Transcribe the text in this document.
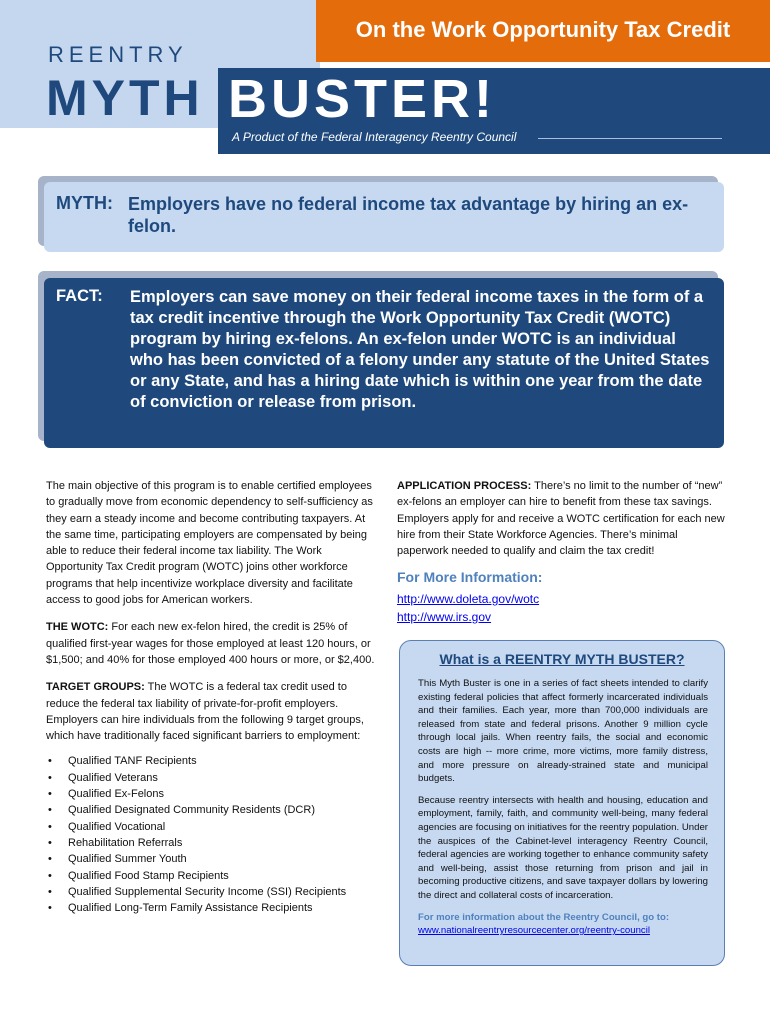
On the Work Opportunity Tax Credit
REENTRY
MYTH BUSTER!
A Product of the Federal Interagency Reentry Council
MYTH: Employers have no federal income tax advantage by hiring an ex-felon.
FACT: Employers can save money on their federal income taxes in the form of a tax credit incentive through the Work Opportunity Tax Credit (WOTC) program by hiring ex-felons. An ex-felon under WOTC is an individual who has been convicted of a felony under any statute of the United States or any State, and has a hiring date which is within one year from the date of conviction or release from prison.

The main objective of this program is to enable certified employees to gradually move from economic dependency to self-sufficiency as they earn a steady income and become contributing taxpayers. At the same time, participating employers are compensated by being able to reduce their federal income tax liability. The Work Opportunity Tax Credit program (WOTC) joins other workforce programs that help incentivize workplace diversity and facilitate access to good jobs for American workers.

THE WOTC: For each new ex-felon hired, the credit is 25% of qualified first-year wages for those employed at least 120 hours, or $1,500; and 40% for those employed 400 hours or more, or $2,400.

TARGET GROUPS: The WOTC is a federal tax credit used to reduce the federal tax liability of private-for-profit employers. Employers can hire individuals from the following 9 target groups, which have traditionally faced significant barriers to employment:

• Qualified TANF Recipients
• Qualified Veterans
• Qualified Ex-Felons
• Qualified Designated Community Residents (DCR)
• Qualified Vocational
• Rehabilitation Referrals
• Qualified Summer Youth
• Qualified Food Stamp Recipients
• Qualified Supplemental Security Income (SSI) Recipients
• Qualified Long-Term Family Assistance Recipients

APPLICATION PROCESS: There’s no limit to the number of “new” ex-felons an employer can hire to benefit from these tax savings. Employers apply for and receive a WOTC certification for each new hire from their State Workforce Agencies. There’s minimal paperwork needed to qualify and claim the tax credit!

For More Information:
http://www.doleta.gov/wotc
http://www.irs.gov
What is a REENTRY MYTH BUSTER?

This Myth Buster is one in a series of fact sheets intended to clarify existing federal policies that affect formerly incarcerated individuals and their families. Each year, more than 700,000 individuals are released from state and federal prisons. Another 9 million cycle through local jails. When reentry fails, the social and economic costs are high -- more crime, more victims, more family distress, and more pressure on already-strained state and municipal budgets.

Because reentry intersects with health and housing, education and employment, family, faith, and community well-being, many federal agencies are focusing on initiatives for the reentry population. Under the auspices of the Cabinet-level interagency Reentry Council, federal agencies are working together to enhance community safety and well-being, assist those returning from prison and jail in becoming productive citizens, and save taxpayer dollars by lowering the direct and collateral costs of incarceration.

For more information about the Reentry Council, go to:
www.nationalreentryresourcecenter.org/reentry-council
